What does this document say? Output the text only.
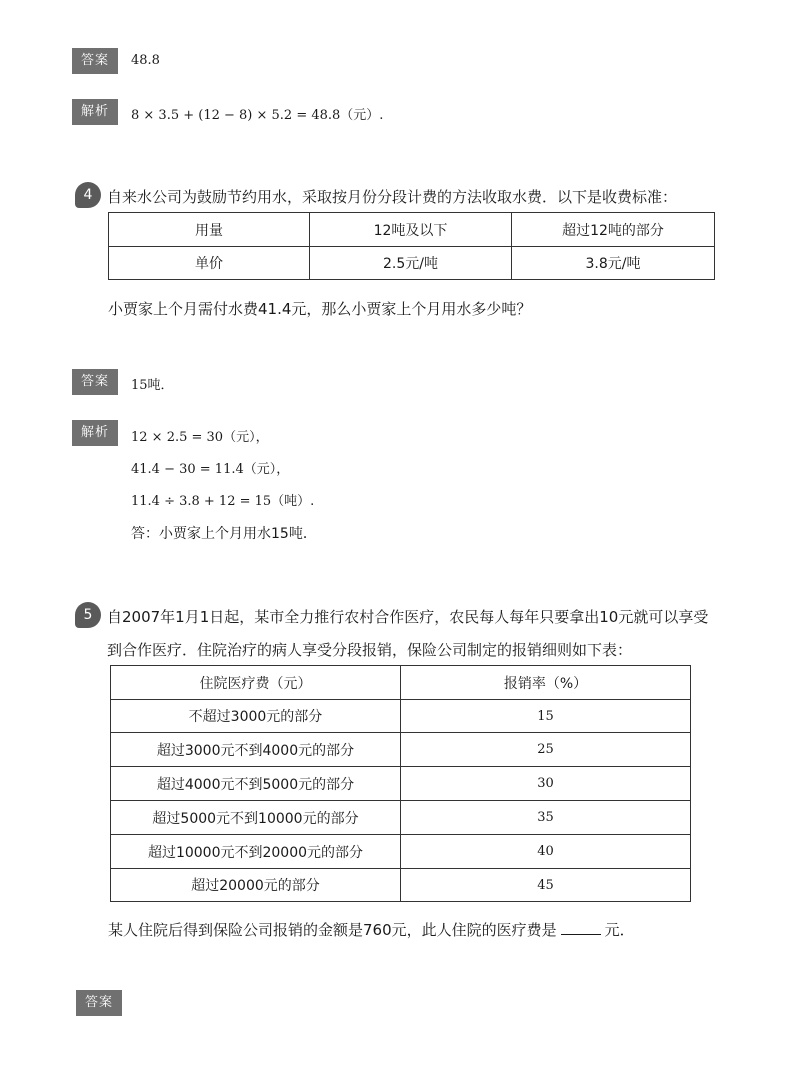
答案	48.8
解析	8 × 3.5 + (12 − 8) × 5.2 = 48.8（元）.
4 自来水公司为鼓励节约用水，采取按月份分段计费的方法收取水费．以下是收费标准：
用量	12吨及以下	超过12吨的部分
单价	2.5元/吨	3.8元/吨
小贾家上个月需付水费41.4元，那么小贾家上个月用水多少吨？
答案	15吨．
解析	12 × 2.5 = 30（元），
41.4 − 30 = 11.4（元），
11.4 ÷ 3.8 + 12 = 15（吨）.
答：小贾家上个月用水15吨．
5 自2007年1月1日起，某市全力推行农村合作医疗，农民每人每年只要拿出10元就可以享受
到合作医疗．住院治疗的病人享受分段报销，保险公司制定的报销细则如下表：
住院医疗费（元）	报销率（%）
不超过3000元的部分	15
超过3000元不到4000元的部分	25
超过4000元不到5000元的部分	30
超过5000元不到10000元的部分	35
超过10000元不到20000元的部分	40
超过20000元的部分	45
某人住院后得到保险公司报销的金额是760元，此人住院的医疗费是	元．
答案
